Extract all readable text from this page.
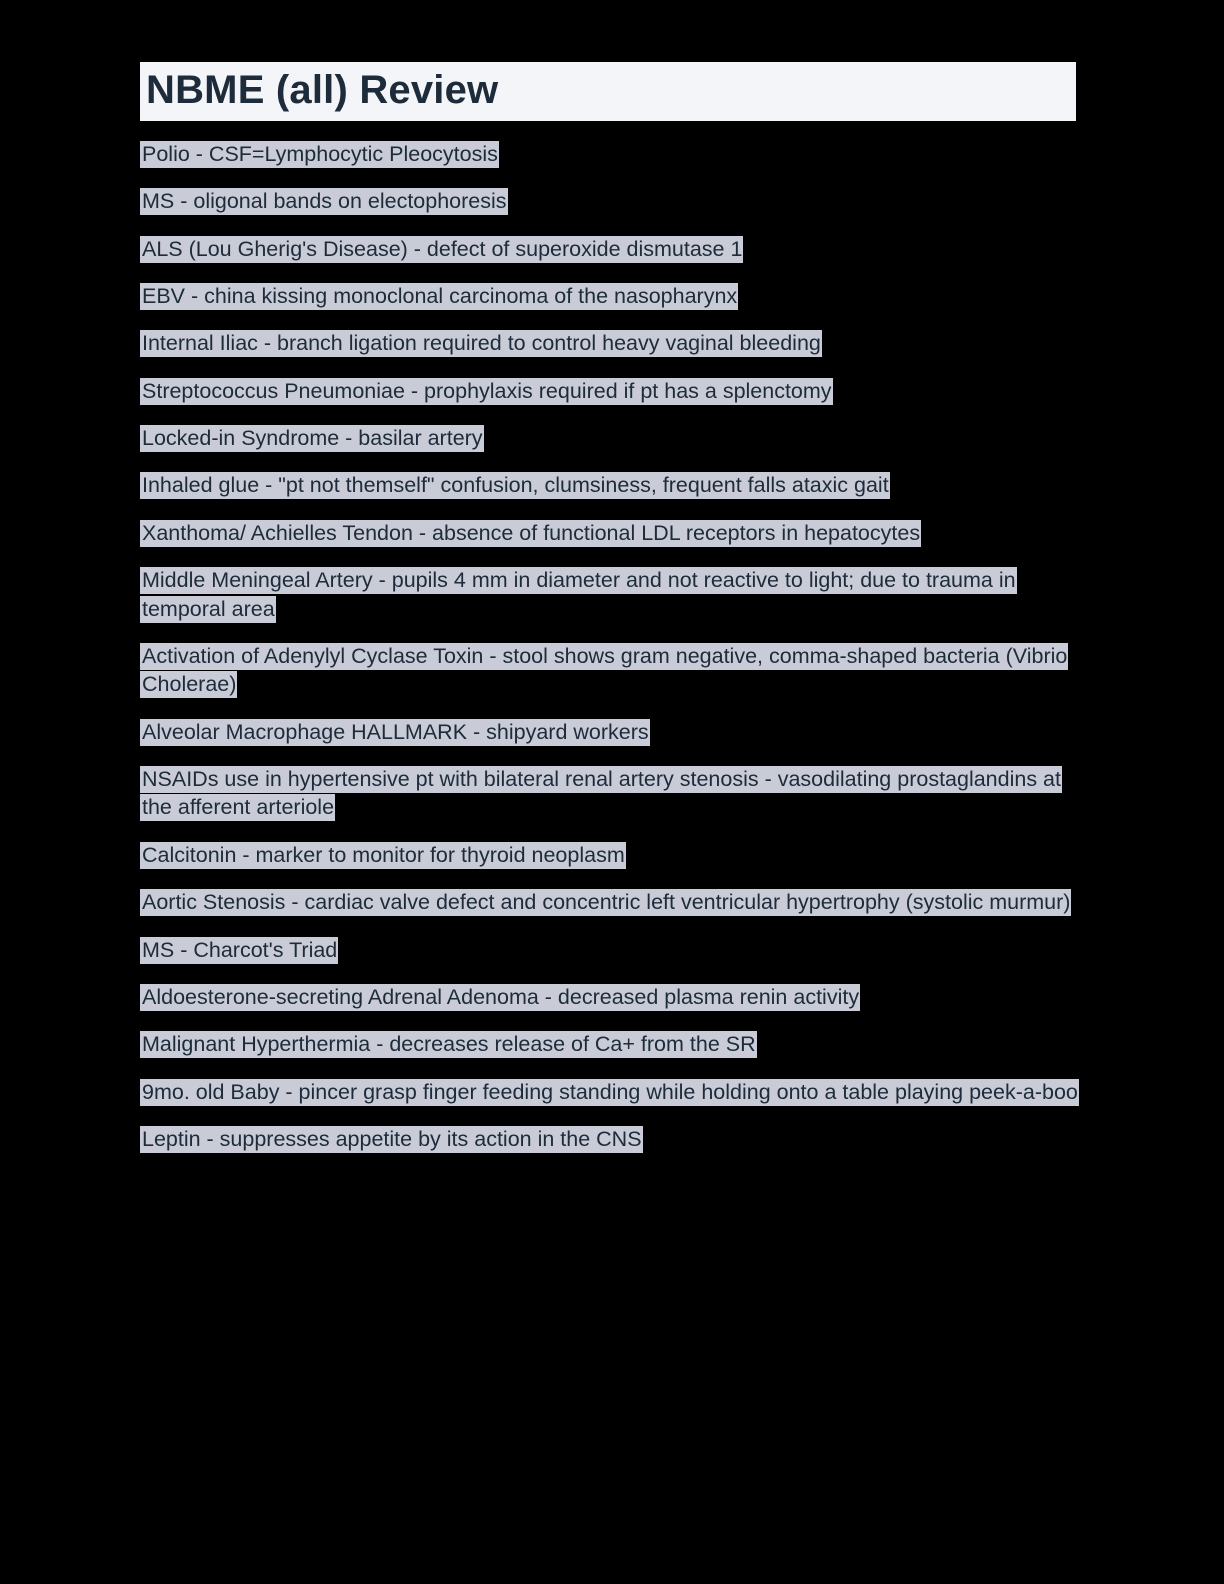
NBME (all) Review
Polio - CSF=Lymphocytic Pleocytosis
MS - oligonal bands on electophoresis
ALS (Lou Gherig's Disease) - defect of superoxide dismutase 1
EBV - china kissing monoclonal carcinoma of the nasopharynx
Internal Iliac - branch ligation required to control heavy vaginal bleeding
Streptococcus Pneumoniae - prophylaxis required if pt has a splenctomy
Locked-in Syndrome - basilar artery
Inhaled glue - "pt not themself" confusion, clumsiness, frequent falls ataxic gait
Xanthoma/ Achielles Tendon - absence of functional LDL receptors in hepatocytes
Middle Meningeal Artery - pupils 4 mm in diameter and not reactive to light; due to trauma in temporal area
Activation of Adenylyl Cyclase Toxin - stool shows gram negative, comma-shaped bacteria (Vibrio Cholerae)
Alveolar Macrophage HALLMARK - shipyard workers
NSAIDs use in hypertensive pt with bilateral renal artery stenosis - vasodilating prostaglandins at the afferent arteriole
Calcitonin - marker to monitor for thyroid neoplasm
Aortic Stenosis - cardiac valve defect and concentric left ventricular hypertrophy (systolic murmur)
MS - Charcot's Triad
Aldoesterone-secreting Adrenal Adenoma - decreased plasma renin activity
Malignant Hyperthermia - decreases release of Ca+ from the SR
9mo. old Baby - pincer grasp finger feeding standing while holding onto a table playing peek-a-boo
Leptin - suppresses appetite by its action in the CNS
